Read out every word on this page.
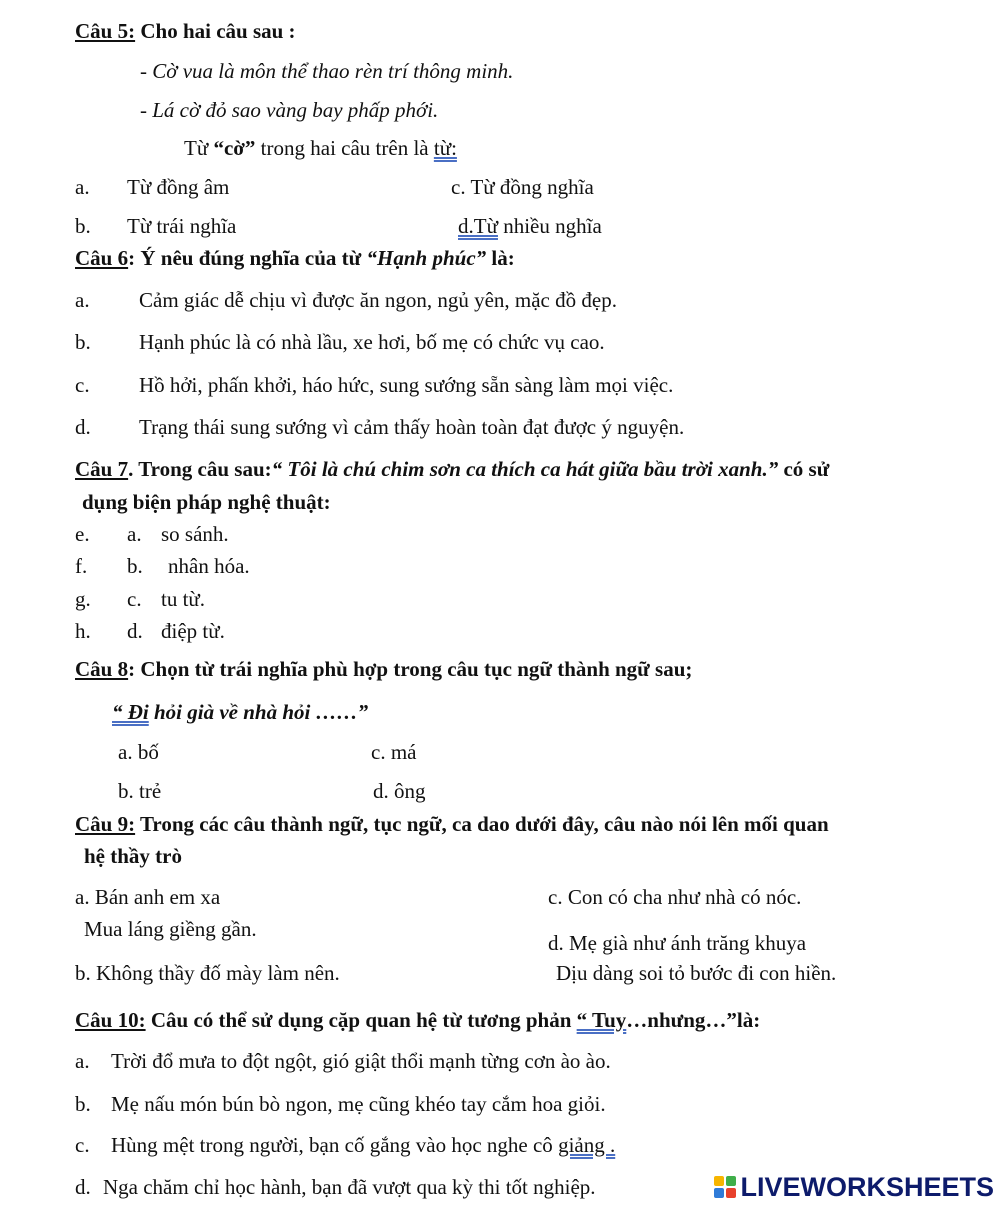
Câu 5: Cho hai câu sau :
- Cờ vua là môn thể thao rèn trí thông minh.
- Lá cờ đỏ sao vàng bay phấp phới.
Từ “cờ” trong hai câu trên là từ:
a. Từ đồng âm	c. Từ đồng nghĩa
b. Từ trái nghĩa	d.Từ nhiều nghĩa
Câu 6: Ý nêu đúng nghĩa của từ “Hạnh phúc” là:
a. Cảm giác dễ chịu vì được ăn ngon, ngủ yên, mặc đồ đẹp.
b. Hạnh phúc là có nhà lầu, xe hơi, bố mẹ có chức vụ cao.
c. Hồ hởi, phấn khởi, háo hức, sung sướng sẵn sàng làm mọi việc.
d. Trạng thái sung sướng vì cảm thấy hoàn toàn đạt được ý nguyện.
Câu 7. Trong câu sau:“ Tôi là chú chim sơn ca thích ca hát giữa bầu trời xanh.” có sử
dụng biện pháp nghệ thuật:
e. a. so sánh.
f. b. nhân hóa.
g. c. tu từ.
h. d. điệp từ.
Câu 8: Chọn từ trái nghĩa phù hợp trong câu tục ngữ thành ngữ sau;
“ Đi hỏi già về nhà hỏi ……”
a. bố	c. má
b. trẻ	d. ông
Câu 9: Trong các câu thành ngữ, tục ngữ, ca dao dưới đây, câu nào nói lên mối quan
hệ thầy trò
a. Bán anh em xa
Mua láng giềng gần.
b. Không thầy đố mày làm nên.
c. Con có cha như nhà có nóc.
d. Mẹ già như ánh trăng khuya
Dịu dàng soi tỏ bước đi con hiền.
Câu 10: Câu có thể sử dụng cặp quan hệ từ tương phản “ Tuy…nhưng…”là:
a. Trời đổ mưa to đột ngột, gió giật thổi mạnh từng cơn ào ào.
b. Mẹ nấu món bún bò ngon, mẹ cũng khéo tay cắm hoa giỏi.
c. Hùng mệt trong người, bạn cố gắng vào học nghe cô giảng .
d. Nga chăm chỉ học hành, bạn đã vượt qua kỳ thi tốt nghiệp.	LIVEWORKSHEETS
